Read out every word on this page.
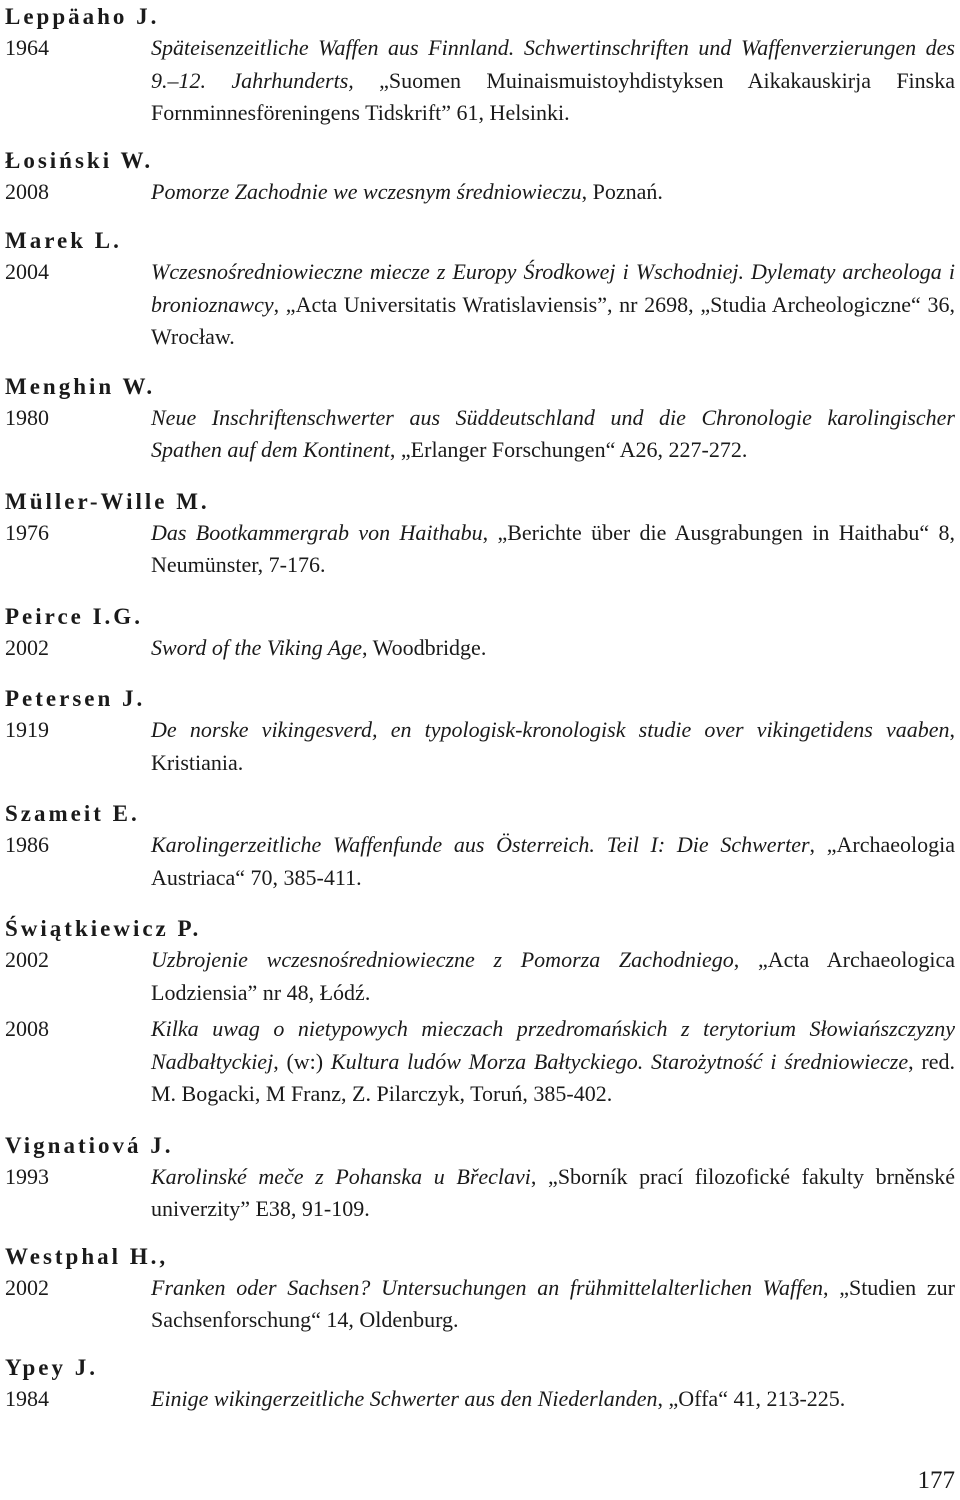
Leppäaho J.
1964	Späteisenzeitliche Waffen aus Finnland. Schwertinschriften und Waffenverzierungen des 9.–12. Jahrhunderts, „Suomen Muinaismuistoyhdistyksen Aikakauskirja Finska Fornminnesföreningens Tidskrift” 61, Helsinki.
Łosiński W.
2008	Pomorze Zachodnie we wczesnym średniowieczu, Poznań.
Marek L.
2004	Wczesnośredniowieczne miecze z Europy Środkowej i Wschodniej. Dylematy archeologa i bronioznawcy, „Acta Universitatis Wratislaviensis”, nr 2698, „Studia Archeologiczne“ 36, Wrocław.
Menghin W.
1980	Neue Inschriftenschwerter aus Süddeutschland und die Chronologie karolingischer Spathen auf dem Kontinent, „Erlanger Forschungen“ A26, 227-272.
Müller-Wille M.
1976	Das Bootkammergrab von Haithabu, „Berichte über die Ausgrabungen in Haithabu“ 8, Neumünster, 7-176.
Peirce I.G.
2002	Sword of the Viking Age, Woodbridge.
Petersen J.
1919	De norske vikingesverd, en typologisk-kronologisk studie over vikingetidens vaaben, Kristiania.
Szameit E.
1986	Karolingerzeitliche Waffenfunde aus Österreich. Teil I: Die Schwerter, „Archaeologia Austriaca“ 70, 385-411.
Świątkiewicz P.
2002	Uzbrojenie wczesnośredniowieczne z Pomorza Zachodniego, „Acta Archaeologica Lodziensia” nr 48, Łódź.
2008	Kilka uwag o nietypowych mieczach przedromańskich z terytorium Słowiańszczyzny Nadbałtyckiej, (w:) Kultura ludów Morza Bałtyckiego. Starożytność i średniowiecze, red. M. Bogacki, M Franz, Z. Pilarczyk, Toruń, 385-402.
Vignatiová J.
1993	Karolinské meče z Pohanska u Břeclavi, „Sborník prací filozofické fakulty brněnské univerzity” E38, 91-109.
Westphal H.,
2002	Franken oder Sachsen? Untersuchungen an frühmittelalterlichen Waffen, „Studien zur Sachsenforschung“ 14, Oldenburg.
Ypey J.
1984	Einige wikingerzeitliche Schwerter aus den Niederlanden, „Offa“ 41, 213-225.
177
